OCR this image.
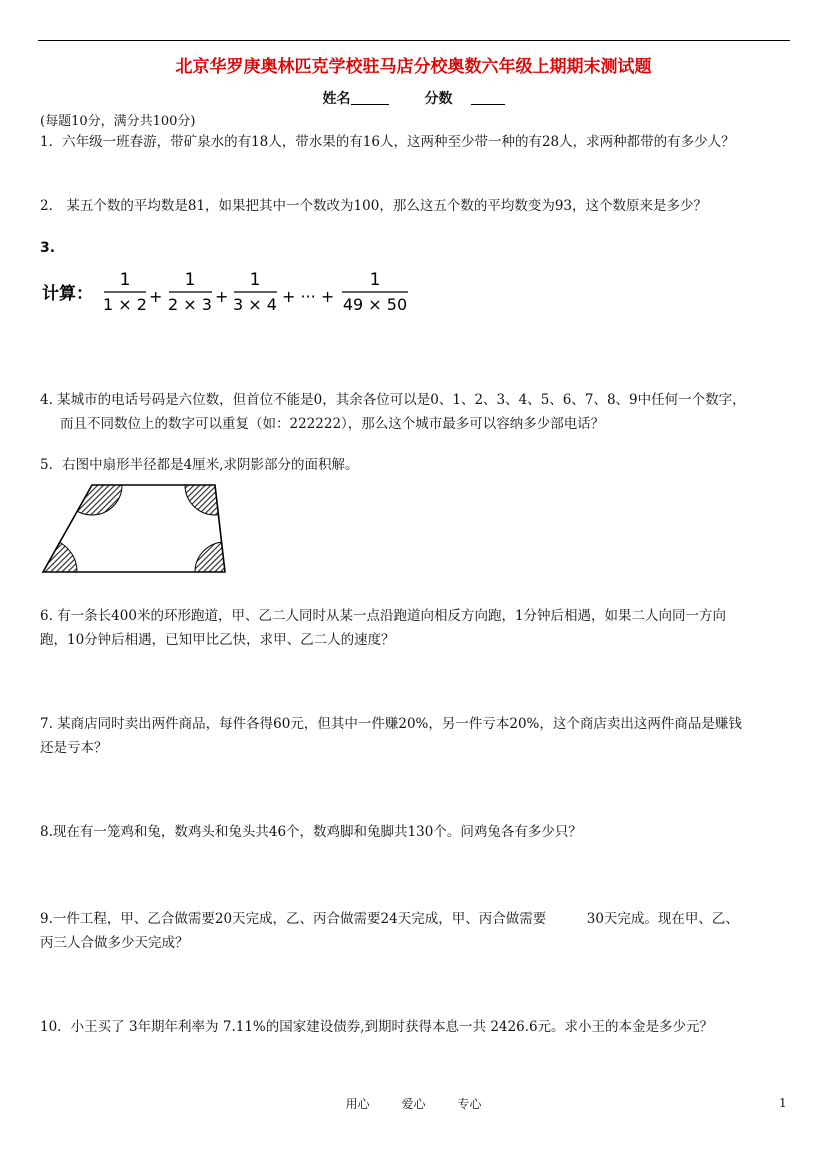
北京华罗庚奥林匹克学校驻马店分校奥数六年级上期期末测试题
姓名	分数
(每题10分，满分共100分)
1．六年级一班春游，带矿泉水的有18人，带水果的有16人，这两种至少带一种的有28人，求两种都带的有多少人？
2． 某五个数的平均数是81，如果把其中一个数改为100，那么这五个数的平均数变为93，这个数原来是多少？
3.
计算：
1
1 × 2 +
1
2 × 3 +
1
3 × 4 + ··· +
1
49 × 50
4. 某城市的电话号码是六位数，但首位不能是0，其余各位可以是0、1、2、3、4、5、6、7、8、9中任何一个数字，
而且不同数位上的数字可以重复（如：222222），那么这个城市最多可以容纳多少部电话？
5．右图中扇形半径都是4厘米,求阴影部分的面积解。
6. 有一条长400米的环形跑道，甲、乙二人同时从某一点沿跑道向相反方向跑，1分钟后相遇，如果二人向同一方向
跑，10分钟后相遇，已知甲比乙快，求甲、乙二人的速度？
7. 某商店同时卖出两件商品，每件各得60元，但其中一件赚20%，另一件亏本20%，这个商店卖出这两件商品是赚钱
还是亏本？
8.现在有一笼鸡和兔，数鸡头和兔头共46个，数鸡脚和兔脚共130个。问鸡兔各有多少只？
9.一件工程，甲、乙合做需要20天完成，乙、丙合做需要24天完成，甲、丙合做需要　　　30天完成。现在甲、乙、
丙三人合做多少天完成？
10．小王买了 3年期年利率为 7.11%的国家建设债券,到期时获得本息一共 2426.6元。求小王的本金是多少元？
用心	爱心	专心	1
